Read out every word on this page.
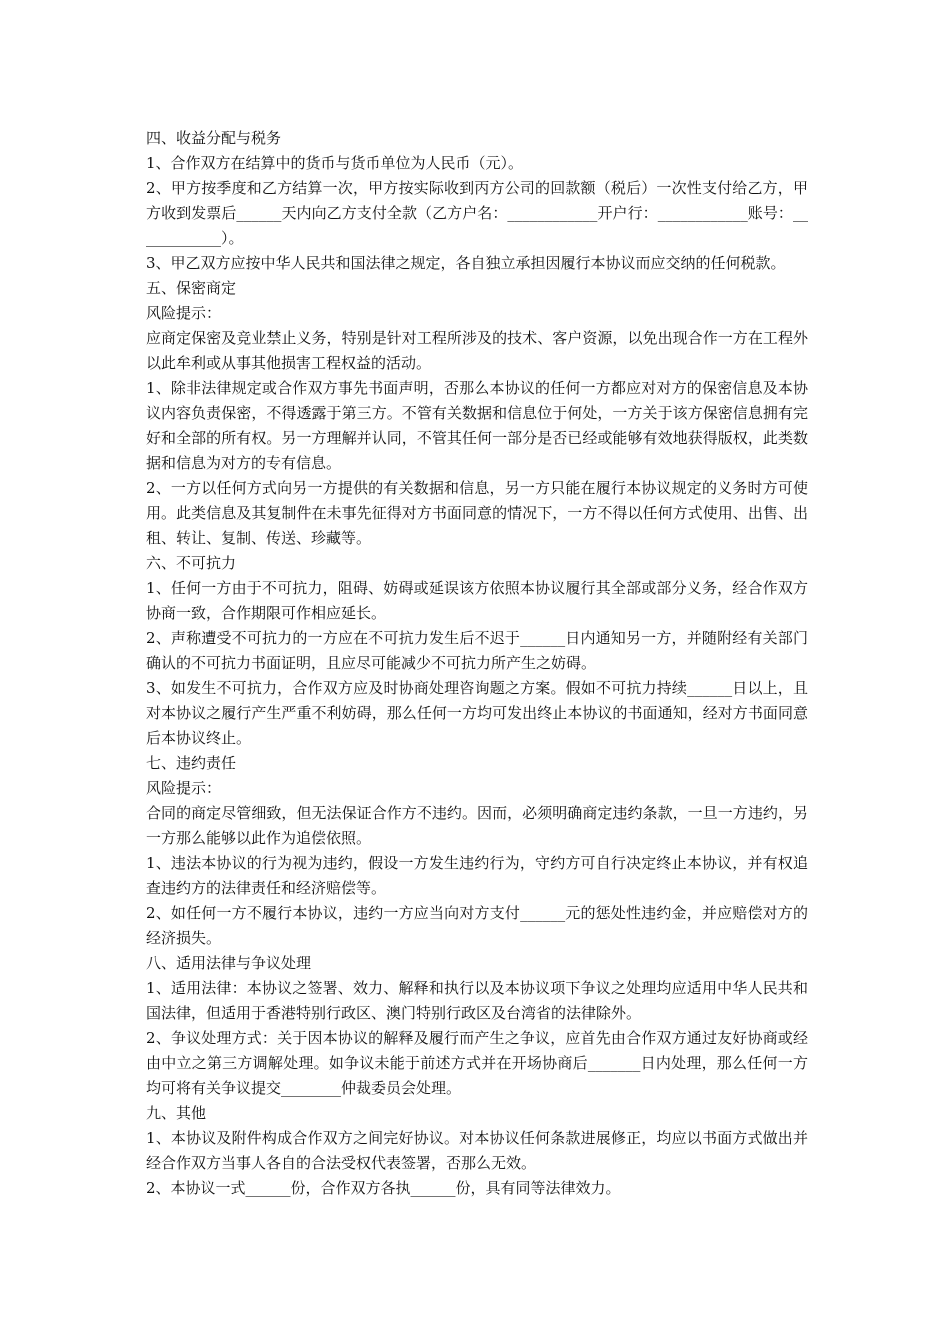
四、收益分配与税务

1、合作双方在结算中的货币与货币单位为人民币（元）。

2、甲方按季度和乙方结算一次，甲方按实际收到丙方公司的回款额（税后）一次性支付给乙方，甲方收到发票后______天内向乙方支付全款（乙方户名：____________开户行：____________账号：____________）。

3、甲乙双方应按中华人民共和国法律之规定，各自独立承担因履行本协议而应交纳的任何税款。

五、保密商定

风险提示：

应商定保密及竞业禁止义务，特别是针对工程所涉及的技术、客户资源，以免出现合作一方在工程外以此牟利或从事其他损害工程权益的活动。

1、除非法律规定或合作双方事先书面声明，否那么本协议的任何一方都应对对方的保密信息及本协议内容负责保密，不得透露于第三方。不管有关数据和信息位于何处，一方关于该方保密信息拥有完好和全部的所有权。另一方理解并认同，不管其任何一部分是否已经或能够有效地获得版权，此类数据和信息为对方的专有信息。

2、一方以任何方式向另一方提供的有关数据和信息，另一方只能在履行本协议规定的义务时方可使用。此类信息及其复制件在未事先征得对方书面同意的情况下，一方不得以任何方式使用、出售、出租、转让、复制、传送、珍藏等。

六、不可抗力

1、任何一方由于不可抗力，阻碍、妨碍或延误该方依照本协议履行其全部或部分义务，经合作双方协商一致，合作期限可作相应延长。

2、声称遭受不可抗力的一方应在不可抗力发生后不迟于______日内通知另一方，并随附经有关部门确认的不可抗力书面证明，且应尽可能减少不可抗力所产生之妨碍。

3、如发生不可抗力，合作双方应及时协商处理咨询题之方案。假如不可抗力持续______日以上，且对本协议之履行产生严重不利妨碍，那么任何一方均可发出终止本协议的书面通知，经对方书面同意后本协议终止。

七、违约责任

风险提示：

合同的商定尽管细致，但无法保证合作方不违约。因而，必须明确商定违约条款，一旦一方违约，另一方那么能够以此作为追偿依照。

1、违法本协议的行为视为违约，假设一方发生违约行为，守约方可自行决定终止本协议，并有权追查违约方的法律责任和经济赔偿等。

2、如任何一方不履行本协议，违约一方应当向对方支付______元的惩处性违约金，并应赔偿对方的经济损失。

八、适用法律与争议处理

1、适用法律：本协议之签署、效力、解释和执行以及本协议项下争议之处理均应适用中华人民共和国法律，但适用于香港特别行政区、澳门特别行政区及台湾省的法律除外。

2、争议处理方式：关于因本协议的解释及履行而产生之争议，应首先由合作双方通过友好协商或经由中立之第三方调解处理。如争议未能于前述方式并在开场协商后_______日内处理，那么任何一方均可将有关争议提交________仲裁委员会处理。

九、其他

1、本协议及附件构成合作双方之间完好协议。对本协议任何条款进展修正，均应以书面方式做出并经合作双方当事人各自的合法受权代表签署，否那么无效。

2、本协议一式______份，合作双方各执______份，具有同等法律效力。
